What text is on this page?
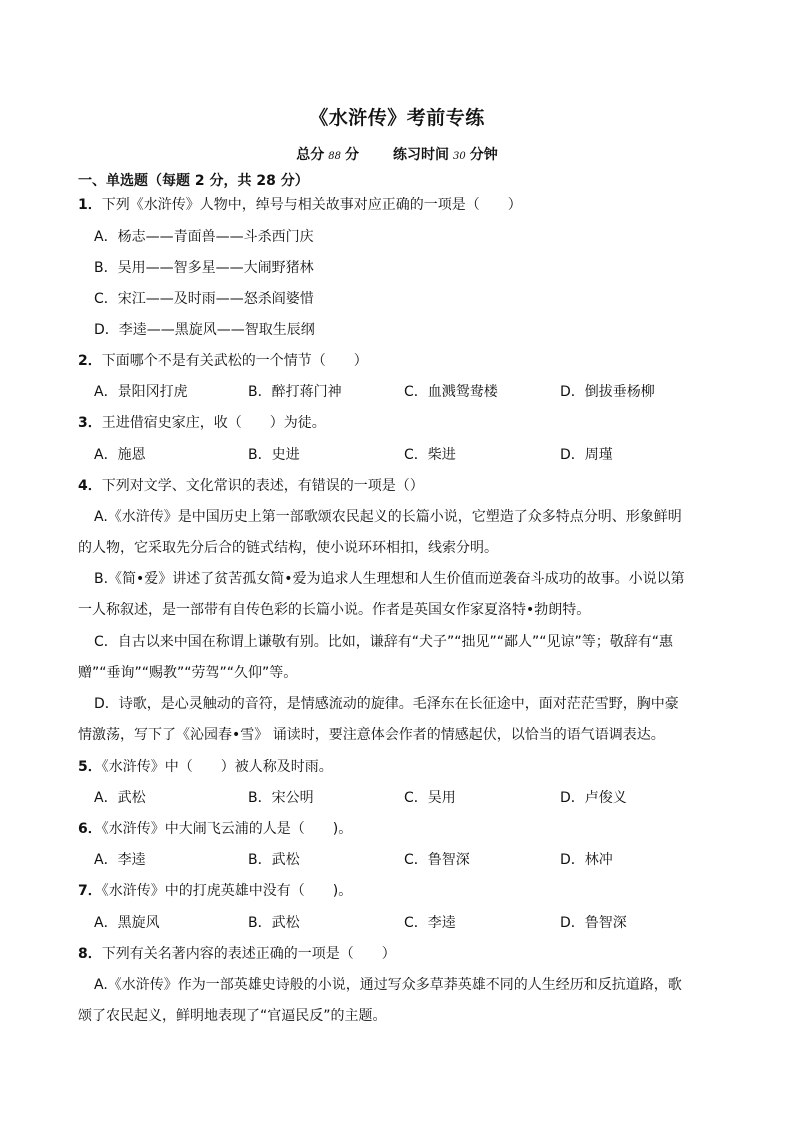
《水浒传》考前专练
总分 88 分 练习时间 30 分钟
一、单选题（每题 2 分，共 28 分）
1．下列《水浒传》人物中，绰号与相关故事对应正确的一项是（　　）
A．杨志——青面兽——斗杀西门庆
B．吴用——智多星——大闹野猪林
C．宋江——及时雨——怒杀阎婆惜
D．李逵——黑旋风——智取生辰纲
2．下面哪个不是有关武松的一个情节（　　）
A．景阳冈打虎	B．醉打蒋门神	C．血溅鸳鸯楼	D．倒拔垂杨柳
3．王进借宿史家庄，收（　　）为徒。
A．施恩	B．史进	C．柴进	D．周瑾
4．下列对文学、文化常识的表述，有错误的一项是（）
A.《水浒传》是中国历史上第一部歌颂农民起义的长篇小说，它塑造了众多特点分明、形象鲜明
的人物，它采取先分后合的链式结构，使小说环环相扣，线索分明。
B.《简•爱》讲述了贫苦孤女简•爱为追求人生理想和人生价值而逆袭奋斗成功的故事。小说以第
一人称叙述，是一部带有自传色彩的长篇小说。作者是英国女作家夏洛特•勃朗特。
C．自古以来中国在称谓上谦敬有别。比如，谦辞有“犬子”“拙见”“鄙人”“见谅”等；敬辞有“惠
赠”“垂询”“赐教”“劳驾”“久仰”等。
D．诗歌，是心灵触动的音符，是情感流动的旋律。毛泽东在长征途中，面对茫茫雪野，胸中豪
情激荡，写下了《沁园春•雪》 诵读时，要注意体会作者的情感起伏，以恰当的语气语调表达。
5．《水浒传》中（　　）被人称及时雨。
A．武松	B．宋公明	C．吴用	D．卢俊义
6．《水浒传》中大闹飞云浦的人是（　　)。
A．李逵	B．武松	C．鲁智深	D．林冲
7．《水浒传》中的打虎英雄中没有（　　)。
A．黑旋风	B．武松	C．李逵	D．鲁智深
8．下列有关名著内容的表述正确的一项是（　　）
A.《水浒传》作为一部英雄史诗般的小说，通过写众多草莽英雄不同的人生经历和反抗道路，歌
颂了农民起义，鲜明地表现了“官逼民反”的主题。
